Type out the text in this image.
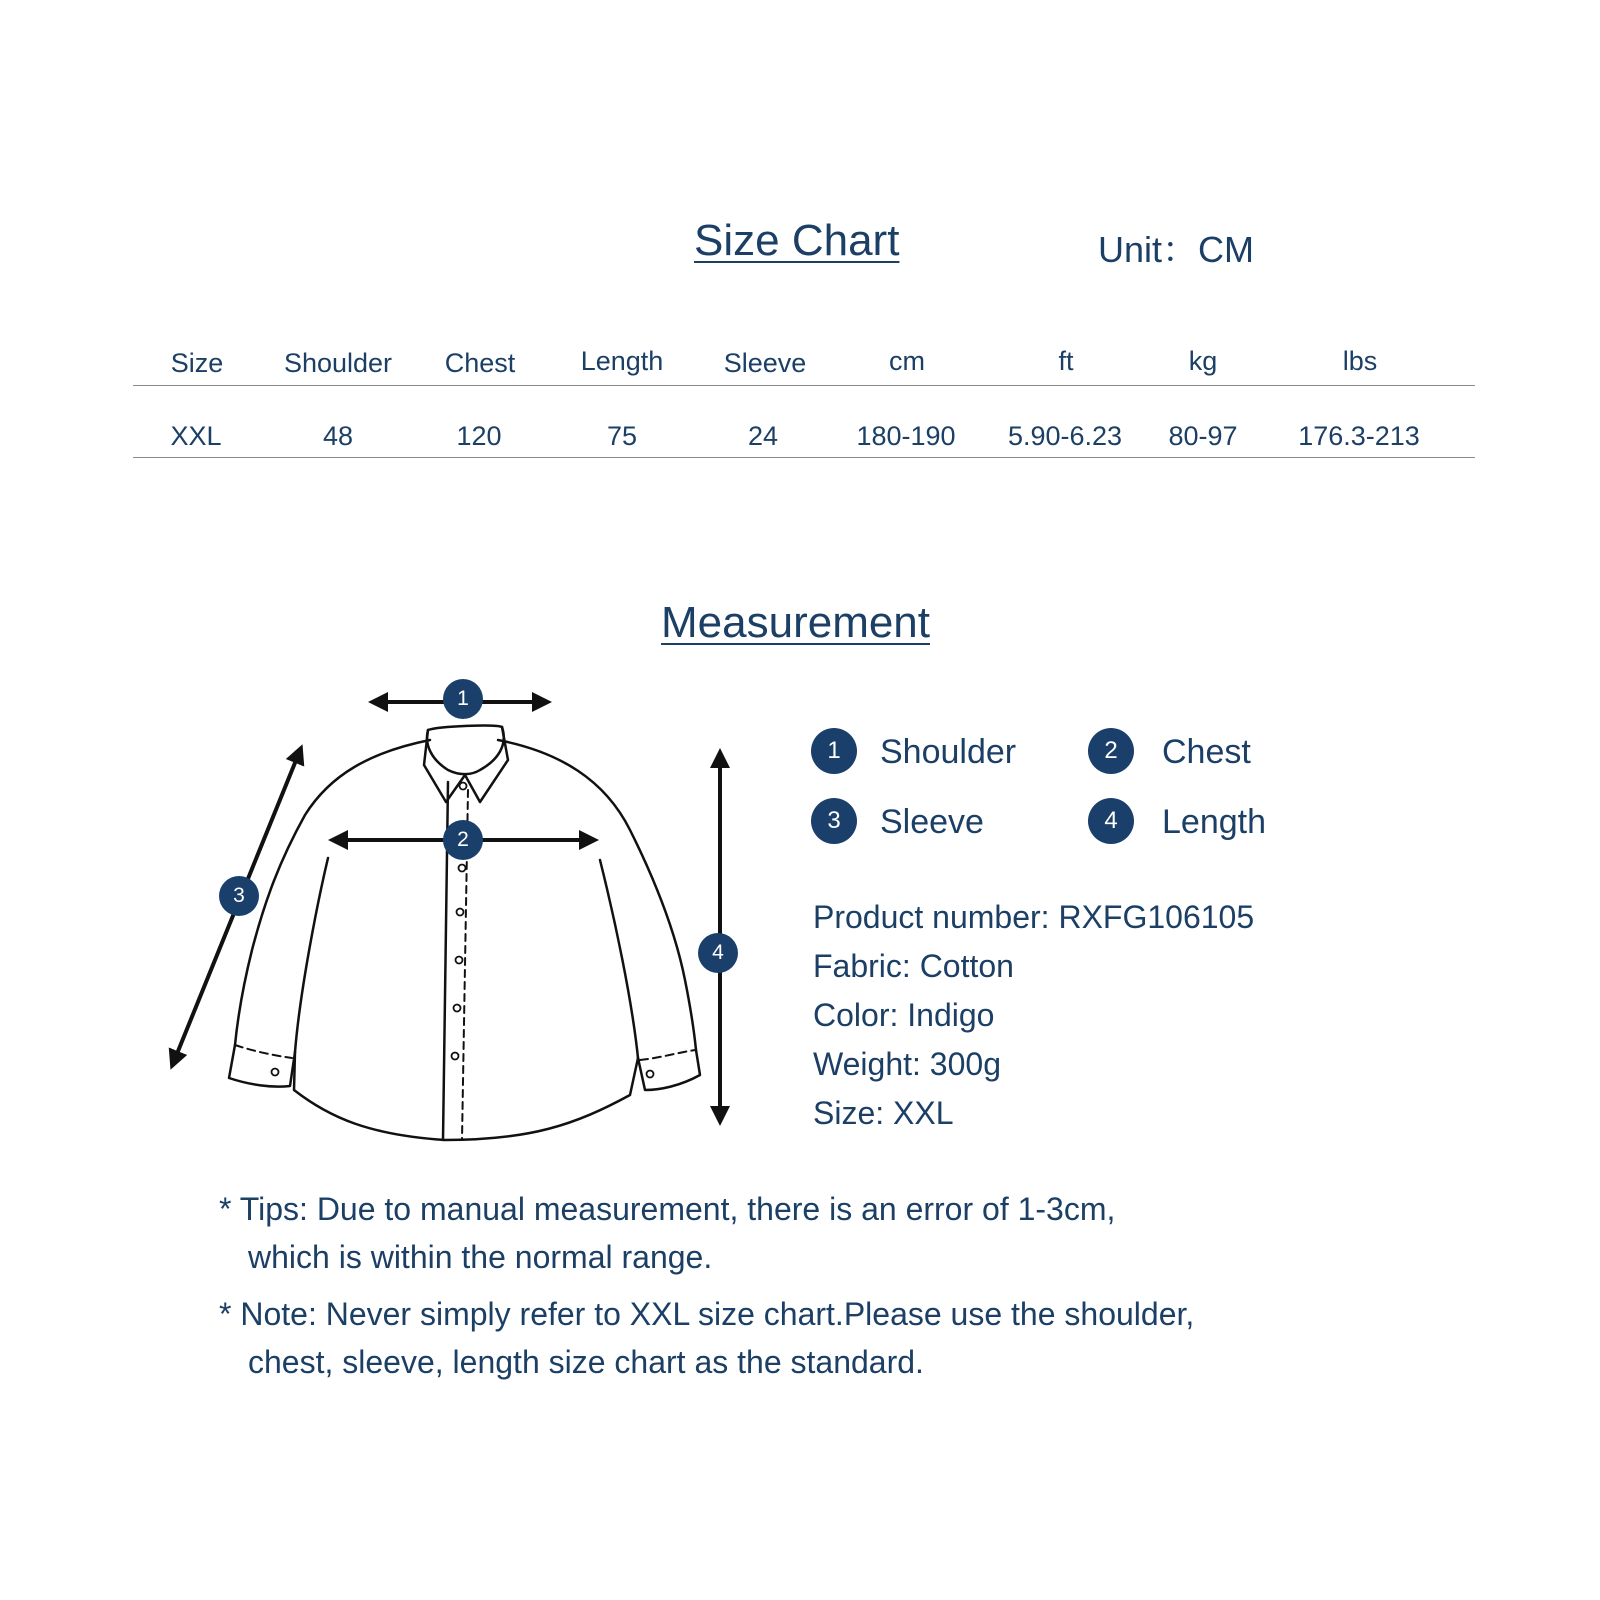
Size Chart	Unit：CM
Size	Shoulder	Chest	Length	Sleeve	cm	ft	kg	lbs
XXL	48	120	75	24	180-190	5.90-6.23	80-97	176.3-213
Measurement
1
2
3
4
1	Shoulder	2	Chest
3	Sleeve	4	Length
Product number: RXFG106105
Fabric: Cotton
Color: Indigo
Weight: 300g
Size: XXL
* Tips: Due to manual measurement, there is an error of 1-3cm,
which is within the normal range.
* Note: Never simply refer to XXL size chart.Please use the shoulder,
chest, sleeve, length size chart as the standard.
